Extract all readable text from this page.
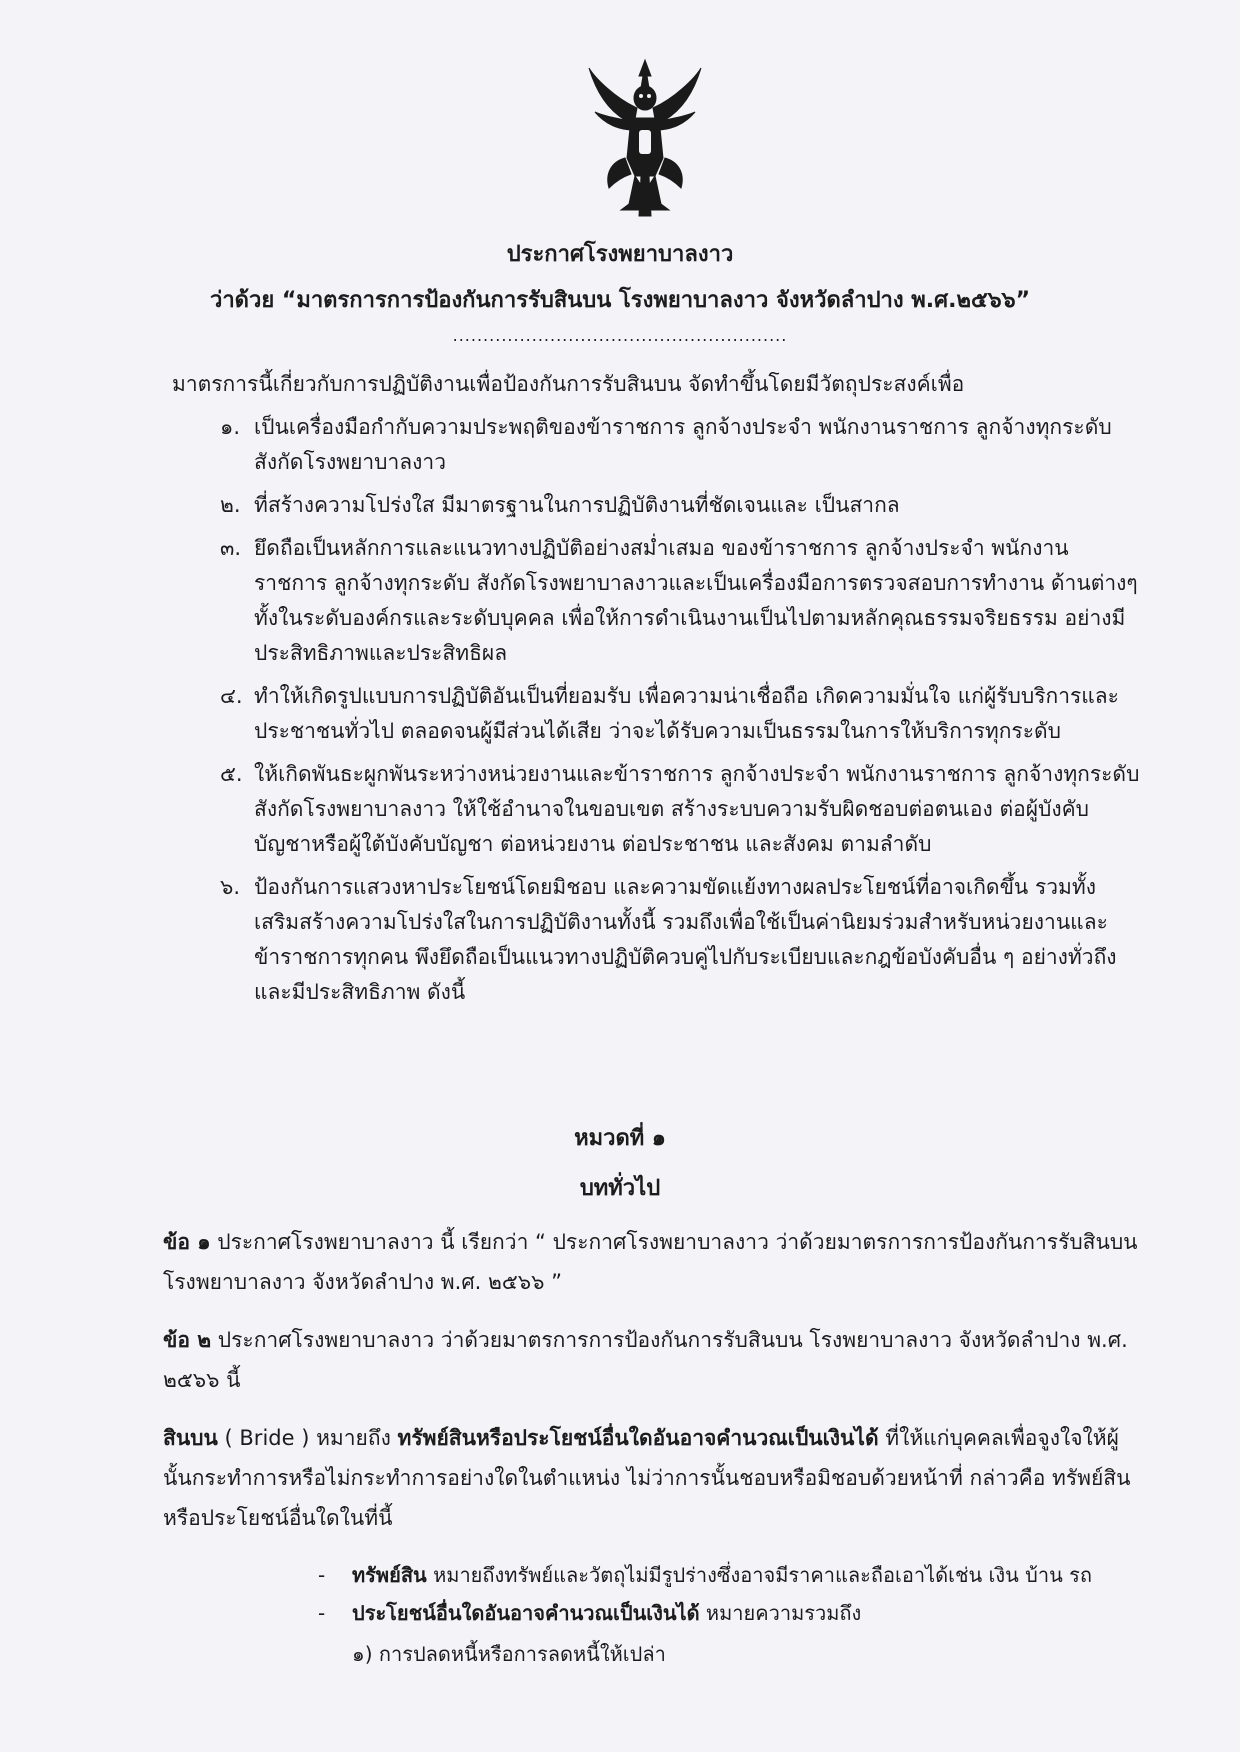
ประกาศโรงพยาบาลงาว
ว่าด้วย “มาตรการการป้องกันการรับสินบน โรงพยาบาลงาว จังหวัดลำปาง พ.ศ.๒๕๖๖”
.......................................................
มาตรการนี้เกี่ยวกับการปฏิบัติงานเพื่อป้องกันการรับสินบน จัดทำขึ้นโดยมีวัตถุประสงค์เพื่อ
๑. เป็นเครื่องมือกำกับความประพฤติของข้าราชการ ลูกจ้างประจำ พนักงานราชการ ลูกจ้างทุกระดับ สังกัดโรงพยาบาลงาว
๒. ที่สร้างความโปร่งใส มีมาตรฐานในการปฏิบัติงานที่ชัดเจนและ เป็นสากล
๓. ยึดถือเป็นหลักการและแนวทางปฏิบัติอย่างสม่ำเสมอ ของข้าราชการ ลูกจ้างประจำ พนักงานราชการ ลูกจ้างทุกระดับ สังกัดโรงพยาบาลงาวและเป็นเครื่องมือการตรวจสอบการทำงาน ด้านต่างๆ ทั้งในระดับองค์กรและระดับบุคคล เพื่อให้การดำเนินงานเป็นไปตามหลักคุณธรรมจริยธรรม อย่างมีประสิทธิภาพและประสิทธิผล
๔. ทำให้เกิดรูปแบบการปฏิบัติอันเป็นที่ยอมรับ เพื่อความน่าเชื่อถือ เกิดความมั่นใจ แก่ผู้รับบริการและประชาชนทั่วไป ตลอดจนผู้มีส่วนได้เสีย ว่าจะได้รับความเป็นธรรมในการให้บริการทุกระดับ
๕. ให้เกิดพันธะผูกพันระหว่างหน่วยงานและข้าราชการ ลูกจ้างประจำ พนักงานราชการ ลูกจ้างทุกระดับ สังกัดโรงพยาบาลงาว ให้ใช้อำนาจในขอบเขต สร้างระบบความรับผิดชอบต่อตนเอง ต่อผู้บังคับบัญชาหรือผู้ใต้บังคับบัญชา ต่อหน่วยงาน ต่อประชาชน และสังคม ตามลำดับ
๖. ป้องกันการแสวงหาประโยชน์โดยมิชอบ และความขัดแย้งทางผลประโยชน์ที่อาจเกิดขึ้น รวมทั้งเสริมสร้างความโปร่งใสในการปฏิบัติงานทั้งนี้ รวมถึงเพื่อใช้เป็นค่านิยมร่วมสำหรับหน่วยงานและข้าราชการทุกคน พึงยึดถือเป็นแนวทางปฏิบัติควบคู่ไปกับระเบียบและกฎข้อบังคับอื่น ๆ อย่างทั่วถึงและมีประสิทธิภาพ ดังนี้
หมวดที่ ๑
บททั่วไป
ข้อ ๑ ประกาศโรงพยาบาลงาว นี้ เรียกว่า “ ประกาศโรงพยาบาลงาว ว่าด้วยมาตรการการป้องกันการรับสินบน โรงพยาบาลงาว จังหวัดลำปาง พ.ศ. ๒๕๖๖ ”
ข้อ ๒ ประกาศโรงพยาบาลงาว ว่าด้วยมาตรการการป้องกันการรับสินบน โรงพยาบาลงาว จังหวัดลำปาง พ.ศ. ๒๕๖๖ นี้
สินบน ( Bride ) หมายถึง ทรัพย์สินหรือประโยชน์อื่นใดอันอาจคำนวณเป็นเงินได้ ที่ให้แก่บุคคลเพื่อจูงใจให้ผู้นั้นกระทำการหรือไม่กระทำการอย่างใดในตำแหน่ง ไม่ว่าการนั้นชอบหรือมิชอบด้วยหน้าที่ กล่าวคือ ทรัพย์สินหรือประโยชน์อื่นใดในที่นี้
-	ทรัพย์สิน หมายถึงทรัพย์และวัตถุไม่มีรูปร่างซึ่งอาจมีราคาและถือเอาได้เช่น เงิน บ้าน รถ
-	ประโยชน์อื่นใดอันอาจคำนวณเป็นเงินได้ หมายความรวมถึง
๑) การปลดหนี้หรือการลดหนี้ให้เปล่า
